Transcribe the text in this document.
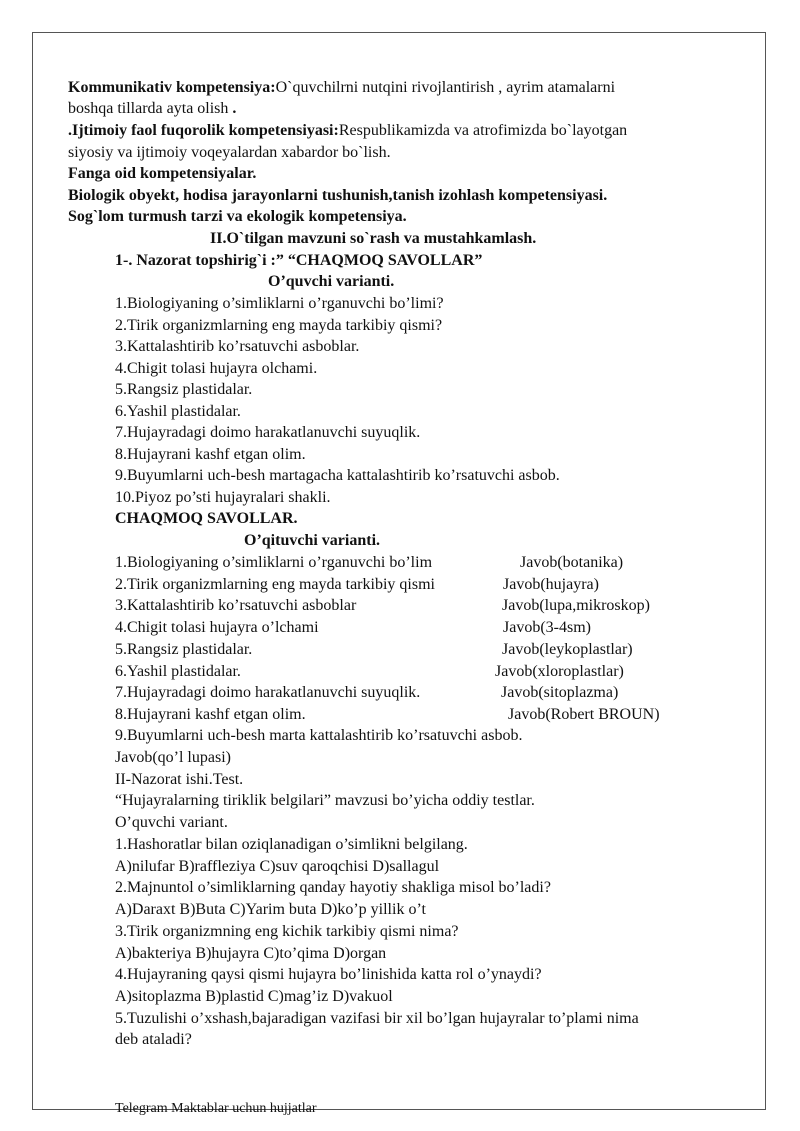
Kommunikativ kompetensiya:O`quvchilrni nutqini rivojlantirish , ayrim atamalarni
boshqa tillarda ayta olish .
.Ijtimoiy faol fuqorolik kompetensiyasi:Respublikamizda va atrofimizda bo`layotgan
siyosiy va ijtimoiy voqeyalardan xabardor bo`lish.
Fanga oid kompetensiyalar.
Biologik obyekt, hodisa jarayonlarni tushunish,tanish izohlash kompetensiyasi.
Sog`lom turmush tarzi va ekologik kompetensiya.
II.O`tilgan mavzuni so`rash va mustahkamlash.
1-. Nazorat topshirig`i :” “CHAQMOQ SAVOLLAR”
O’quvchi varianti.
1.Biologiyaning o’simliklarni o’rganuvchi bo’limi?
2.Tirik organizmlarning eng mayda tarkibiy qismi?
3.Kattalashtirib ko’rsatuvchi asboblar.
4.Chigit tolasi hujayra olchami.
5.Rangsiz plastidalar.
6.Yashil plastidalar.
7.Hujayradagi doimo harakatlanuvchi suyuqlik.
8.Hujayrani kashf etgan olim.
9.Buyumlarni uch-besh martagacha kattalashtirib ko’rsatuvchi asbob.
10.Piyoz po’sti hujayralari shakli.
CHAQMOQ SAVOLLAR.
O’qituvchi varianti.
1.Biologiyaning o’simliklarni o’rganuvchi bo’lim	Javob(botanika)
2.Tirik organizmlarning eng mayda tarkibiy qismi	Javob(hujayra)
3.Kattalashtirib ko’rsatuvchi asboblar	Javob(lupa,mikroskop)
4.Chigit tolasi hujayra o’lchami	Javob(3-4sm)
5.Rangsiz plastidalar.	Javob(leykoplastlar)
6.Yashil plastidalar.	Javob(xloroplastlar)
7.Hujayradagi doimo harakatlanuvchi suyuqlik.	Javob(sitoplazma)
8.Hujayrani kashf etgan olim.	Javob(Robert BROUN)
9.Buyumlarni uch-besh marta kattalashtirib ko’rsatuvchi asbob.
Javob(qo’l lupasi)
II-Nazorat ishi.Test.
“Hujayralarning tiriklik belgilari” mavzusi bo’yicha oddiy testlar.
O’quvchi variant.
1.Hashoratlar bilan oziqlanadigan o’simlikni belgilang.
A)nilufar B)raffleziya C)suv qaroqchisi D)sallagul
2.Majnuntol o’simliklarning qanday hayotiy shakliga misol bo’ladi?
A)Daraxt B)Buta C)Yarim buta D)ko’p yillik o’t
3.Tirik organizmning eng kichik tarkibiy qismi nima?
A)bakteriya B)hujayra C)to’qima D)organ
4.Hujayraning qaysi qismi hujayra bo’linishida katta rol o’ynaydi?
A)sitoplazma B)plastid C)mag’iz D)vakuol
5.Tuzulishi o’xshash,bajaradigan vazifasi bir xil bo’lgan hujayralar to’plami nima
deb ataladi?
Telegram Maktablar uchun hujjatlar
